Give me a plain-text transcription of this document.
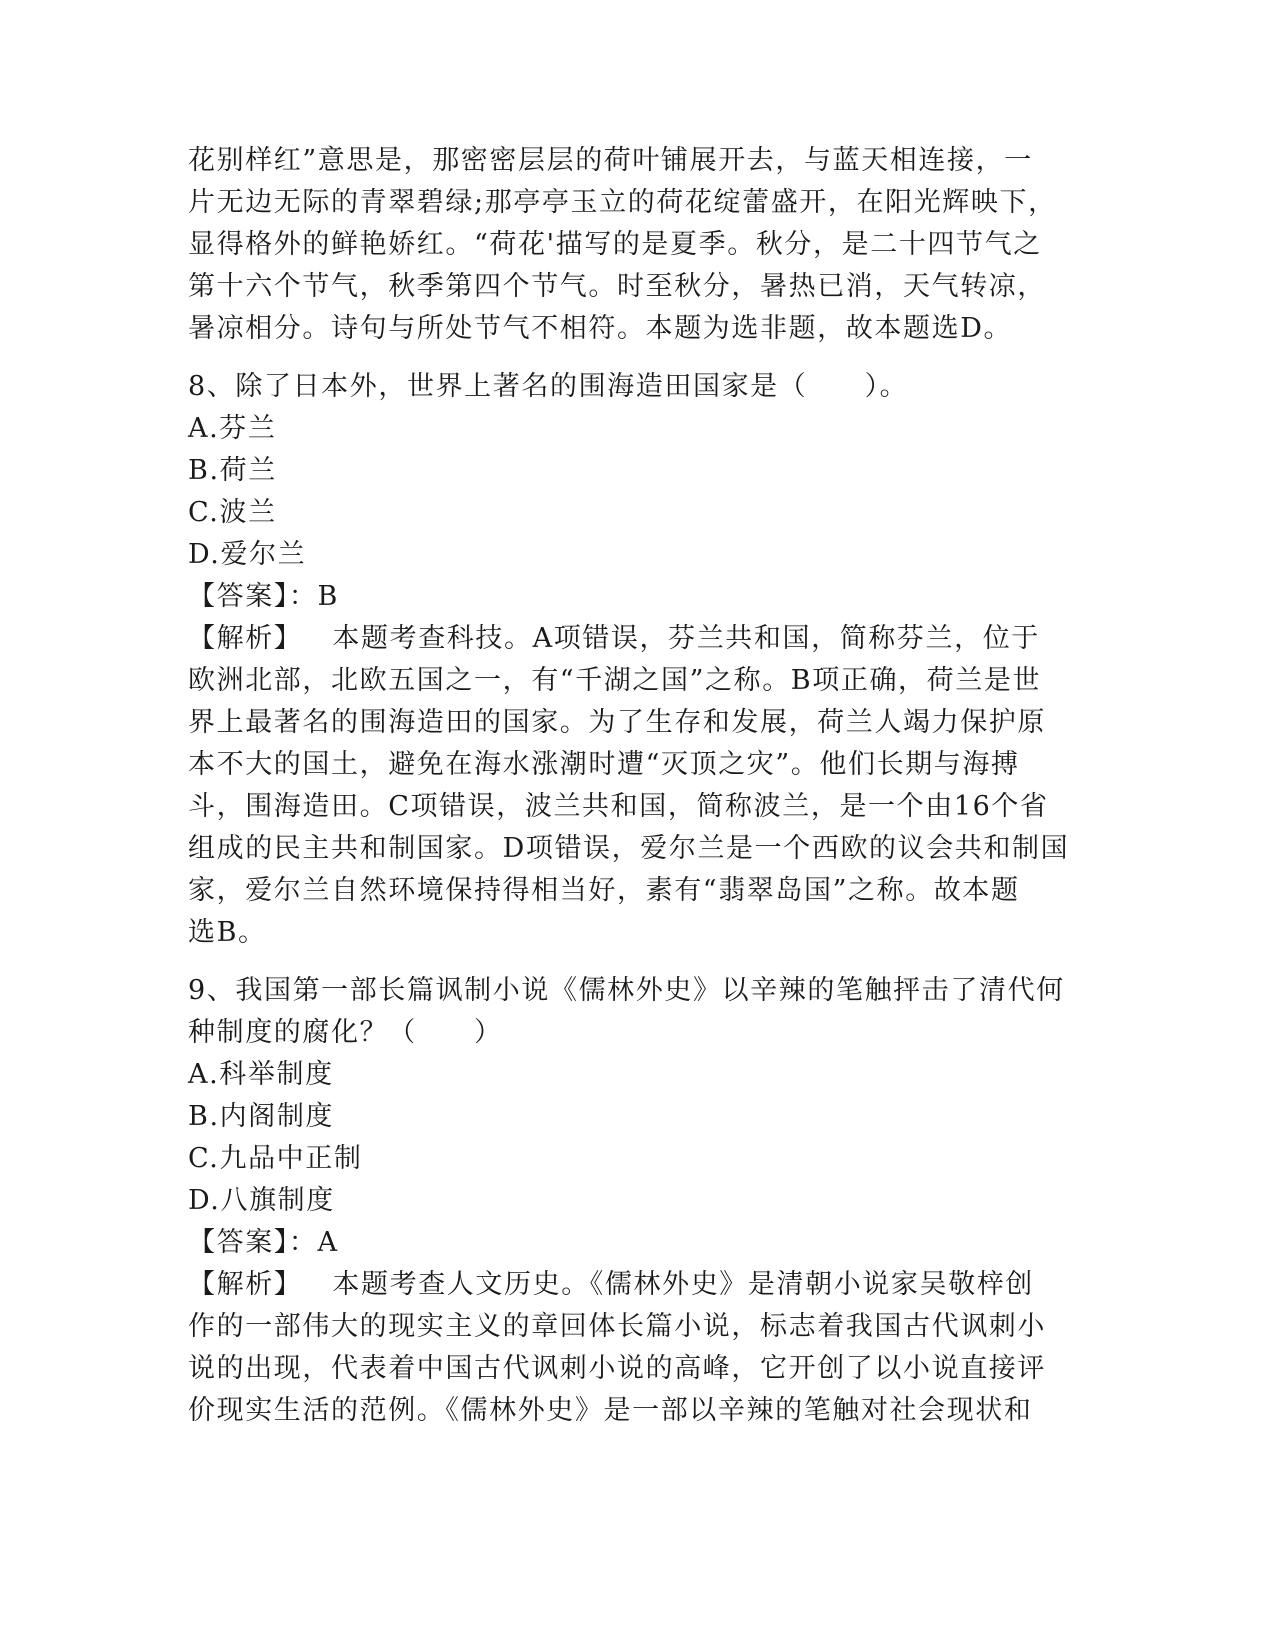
花别样红”意思是，那密密层层的荷叶铺展开去，与蓝天相连接，一
片无边无际的青翠碧绿;那亭亭玉立的荷花绽蕾盛开，在阳光辉映下，
显得格外的鲜艳娇红。“荷花'描写的是夏季。秋分，是二十四节气之
第十六个节气，秋季第四个节气。时至秋分，暑热已消，天气转凉，
暑凉相分。诗句与所处节气不相符。本题为选非题，故本题选D。
8、除了日本外，世界上著名的围海造田国家是（　　）。
A.芬兰
B.荷兰
C.波兰
D.爱尔兰
【答案】：B
【解析】 本题考查科技。A项错误，芬兰共和国，简称芬兰，位于
欧洲北部，北欧五国之一，有“千湖之国”之称。B项正确，荷兰是世
界上最著名的围海造田的国家。为了生存和发展，荷兰人竭力保护原
本不大的国土，避免在海水涨潮时遭“灭顶之灾”。他们长期与海搏
斗，围海造田。C项错误，波兰共和国，简称波兰，是一个由16个省
组成的民主共和制国家。D项错误，爱尔兰是一个西欧的议会共和制国
家，爱尔兰自然环境保持得相当好，素有“翡翠岛国”之称。故本题
选B。
9、我国第一部长篇讽制小说《儒林外史》以辛辣的笔触抨击了清代何
种制度的腐化？（　　）
A.科举制度
B.内阁制度
C.九品中正制
D.八旗制度
【答案】：A
【解析】 本题考查人文历史。《儒林外史》是清朝小说家吴敬梓创
作的一部伟大的现实主义的章回体长篇小说，标志着我国古代讽刺小
说的出现，代表着中国古代讽刺小说的高峰，它开创了以小说直接评
价现实生活的范例。《儒林外史》是一部以辛辣的笔触对社会现状和
